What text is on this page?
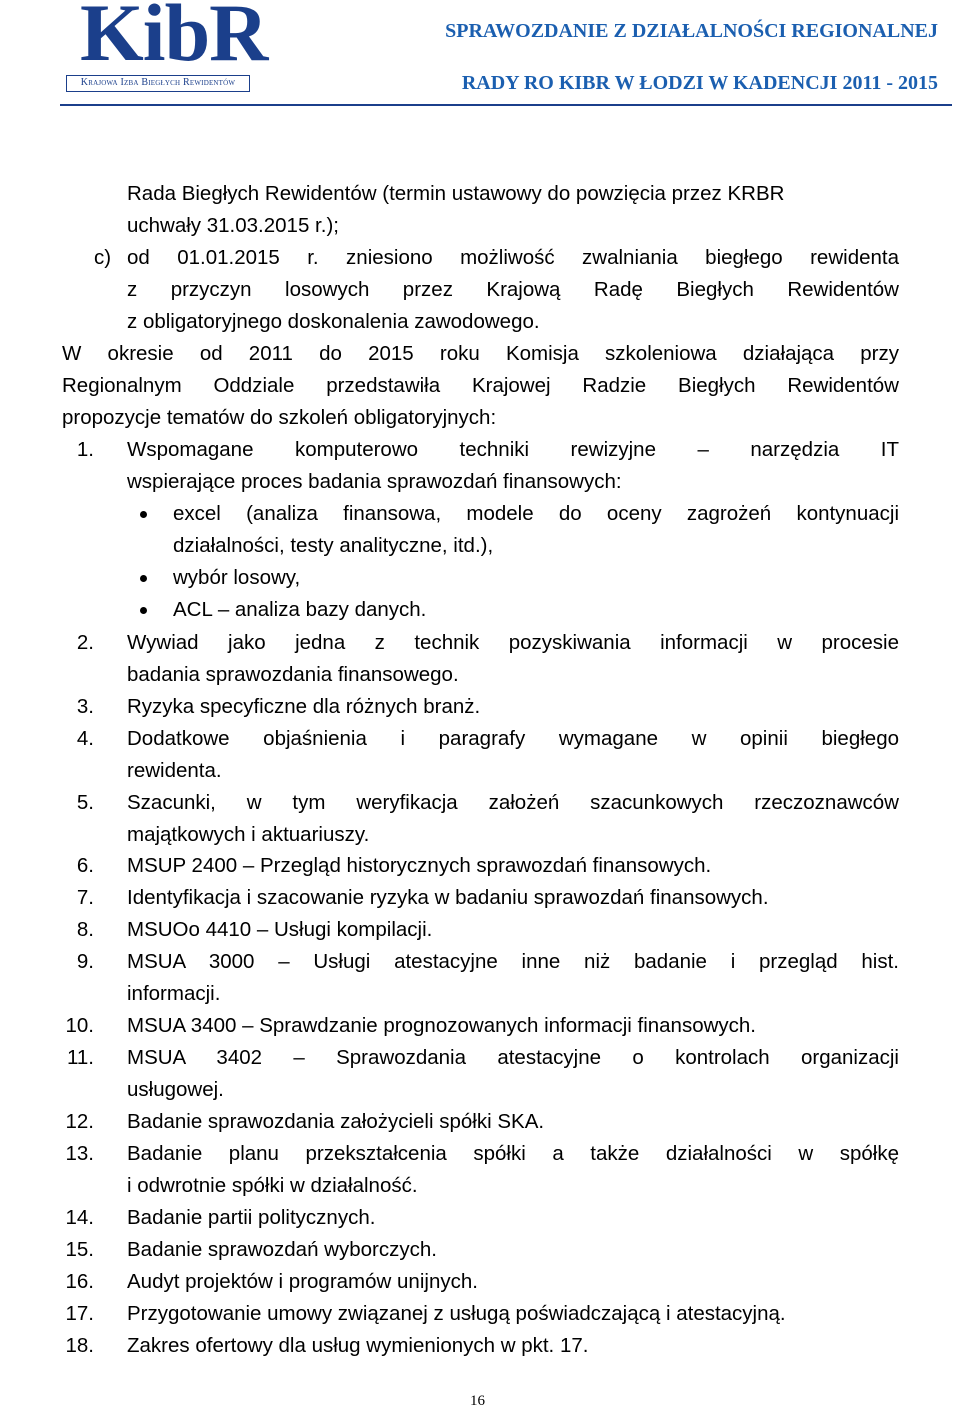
KibR
Krajowa Izba Biegłych Rewidentów
SPRAWOZDANIE Z DZIAŁALNOŚCI REGIONALNEJ
RADY RO KIBR W ŁODZI W KADENCJI 2011 - 2015
Rada Biegłych Rewidentów (termin ustawowy do powzięcia przez KRBR
uchwały 31.03.2015 r.);
c) od 01.01.2015 r. zniesiono możliwość zwalniania biegłego rewidenta
z przyczyn losowych przez Krajową Radę Biegłych Rewidentów
z obligatoryjnego doskonalenia zawodowego.
W okresie od 2011 do 2015 roku Komisja szkoleniowa działająca przy
Regionalnym Oddziale przedstawiła Krajowej Radzie Biegłych Rewidentów
propozycje tematów do szkoleń obligatoryjnych:
1. Wspomagane komputerowo techniki rewizyjne – narzędzia IT
wspierające proces badania sprawozdań finansowych:
excel (analiza finansowa, modele do oceny zagrożeń kontynuacji
działalności, testy analityczne, itd.),
wybór losowy,
ACL – analiza bazy danych.
2. Wywiad jako jedna z technik pozyskiwania informacji w procesie
badania sprawozdania finansowego.
3. Ryzyka specyficzne dla różnych branż.
4. Dodatkowe objaśnienia i paragrafy wymagane w opinii biegłego
rewidenta.
5. Szacunki, w tym weryfikacja założeń szacunkowych rzeczoznawców
majątkowych i aktuariuszy.
6. MSUP 2400 – Przegląd historycznych sprawozdań finansowych.
7. Identyfikacja i szacowanie ryzyka w badaniu sprawozdań finansowych.
8. MSUOo 4410 – Usługi kompilacji.
9. MSUA 3000 – Usługi atestacyjne inne niż badanie i przegląd hist.
informacji.
10. MSUA 3400 – Sprawdzanie prognozowanych informacji finansowych.
11. MSUA 3402 – Sprawozdania atestacyjne o kontrolach organizacji
usługowej.
12. Badanie sprawozdania założycieli spółki SKA.
13. Badanie planu przekształcenia spółki a także działalności w spółkę
i odwrotnie spółki w działalność.
14. Badanie partii politycznych.
15. Badanie sprawozdań wyborczych.
16. Audyt projektów i programów unijnych.
17. Przygotowanie umowy związanej z usługą poświadczającą i atestacyjną.
18. Zakres ofertowy dla usług wymienionych w pkt. 17.
16
